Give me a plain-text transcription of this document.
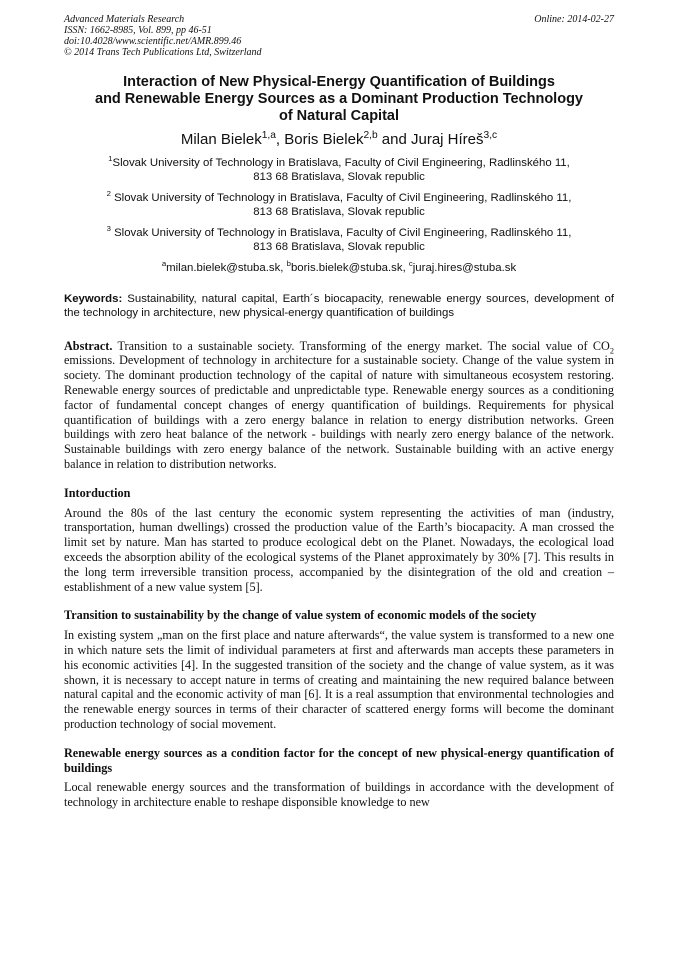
Advanced Materials Research
ISSN: 1662-8985, Vol. 899, pp 46-51
doi:10.4028/www.scientific.net/AMR.899.46
© 2014 Trans Tech Publications Ltd, Switzerland
Online: 2014-02-27
Interaction of New Physical-Energy Quantification of Buildings
and Renewable Energy Sources as a Dominant Production Technology
of Natural Capital
Milan Bielek$^{1,a}$, Boris Bielek$^{2,b}$ and Juraj Híreš$^{3,c}$
$^1$Slovak University of Technology in Bratislava, Faculty of Civil Engineering, Radlinského 11,
813 68 Bratislava, Slovak republic
$^2$ Slovak University of Technology in Bratislava, Faculty of Civil Engineering, Radlinského 11,
813 68 Bratislava, Slovak republic
$^3$ Slovak University of Technology in Bratislava, Faculty of Civil Engineering, Radlinského 11,
813 68 Bratislava, Slovak republic
$^a$milan.bielek@stuba.sk, $^b$boris.bielek@stuba.sk, $^c$juraj.hires@stuba.sk
Keywords: Sustainability, natural capital, Earth´s biocapacity, renewable energy sources, development of the technology in architecture, new physical-energy quantification of buildings
Abstract. Transition to a sustainable society. Transforming of the energy market. The social value of $CO_2$ emissions. Development of technology in architecture for a sustainable society. Change of the value system in society. The dominant production technology of the capital of nature with simultaneous ecosystem restoring. Renewable energy sources of predictable and unpredictable type. Renewable energy sources as a conditioning factor of fundamental concept changes of energy quantification of buildings. Requirements for physical quantification of buildings with a zero energy balance in relation to energy distribution networks. Green buildings with zero heat balance of the network - buildings with nearly zero energy balance of the network. Sustainable buildings with zero energy balance of the network. Sustainable building with an active energy balance in relation to distribution networks.
Intorduction
Around the 80s of the last century the economic system representing the activities of man (industry, transportation, human dwellings) crossed the production value of the Earth’s biocapacity. A man crossed the limit set by nature. Man has started to produce ecological debt on the Planet. Nowadays, the ecological load exceeds the absorption ability of the ecological systems of the Planet approximately by 30% [7]. This results in the long term irreversible transition process, accompanied by the disintegration of the old and creation – establishment of a new value system [5].
Transition to sustainability by the change of value system of economic models of the society
In existing system „man on the first place and nature afterwards“, the value system is transformed to a new one in which nature sets the limit of individual parameters at first and afterwards man accepts these parameters in his economic activities [4]. In the suggested transition of the society and the change of value system, as it was shown, it is necessary to accept nature in terms of creating and maintaining the new required balance between natural capital and the economic activity of man [6]. It is a real assumption that environmental technologies and the renewable energy sources in terms of their character of scattered energy forms will become the dominant production technology of social movement.
Renewable energy sources as a condition factor for the concept of new physical-energy quantification of buildings
Local renewable energy sources and the transformation of buildings in accordance with the development of technology in architecture enable to reshape disponsible knowledge to new
